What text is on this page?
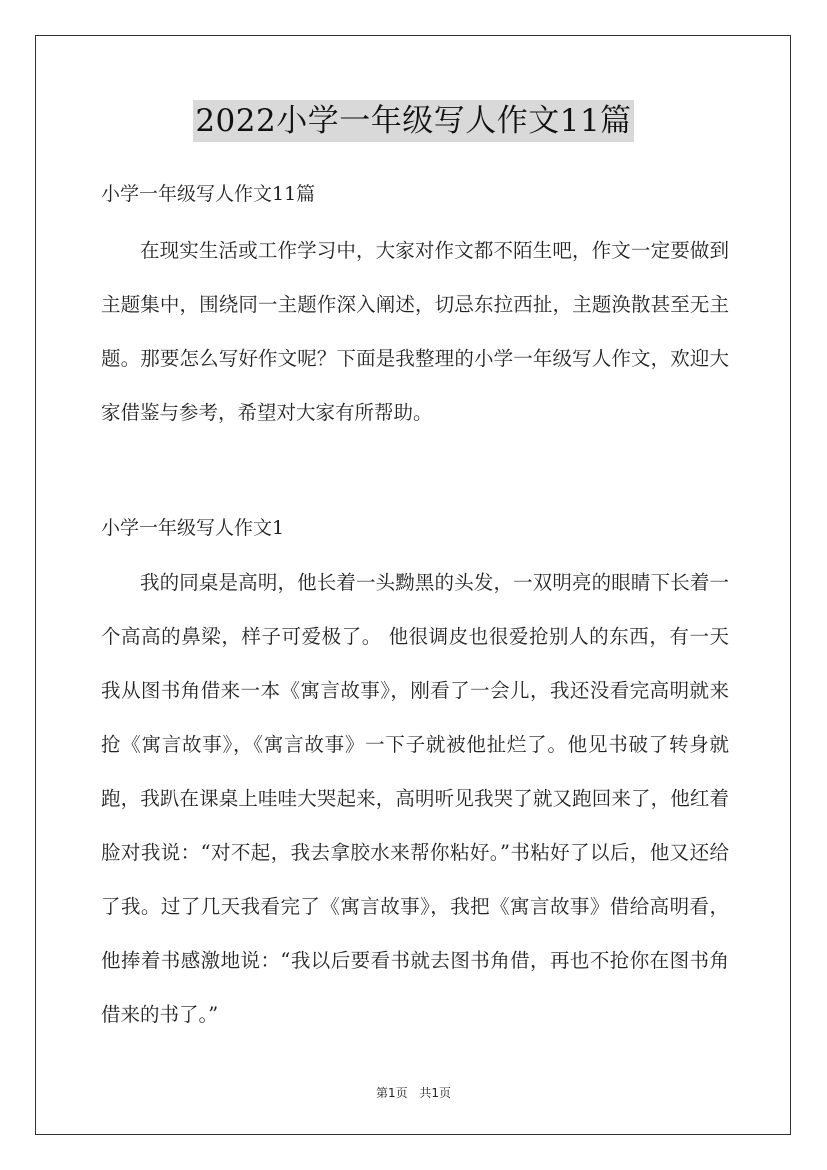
2022小学一年级写人作文11篇

小学一年级写人作文11篇

在现实生活或工作学习中，大家对作文都不陌生吧，作文一定要做到主题集中，围绕同一主题作深入阐述，切忌东拉西扯，主题涣散甚至无主题。那要怎么写好作文呢？下面是我整理的小学一年级写人作文，欢迎大家借鉴与参考，希望对大家有所帮助。

小学一年级写人作文1

我的同桌是高明，他长着一头黝黑的头发，一双明亮的眼睛下长着一个高高的鼻梁，样子可爱极了。 他很调皮也很爱抢别人的东西，有一天我从图书角借来一本《寓言故事》，刚看了一会儿，我还没看完高明就来抢《寓言故事》，《寓言故事》一下子就被他扯烂了。他见书破了转身就跑，我趴在课桌上哇哇大哭起来，高明听见我哭了就又跑回来了，他红着脸对我说：“对不起，我去拿胶水来帮你粘好。”书粘好了以后，他又还给了我。过了几天我看完了《寓言故事》，我把《寓言故事》借给高明看，他捧着书感激地说：“我以后要看书就去图书角借，再也不抢你在图书角借来的书了。”

第1页 共1页
